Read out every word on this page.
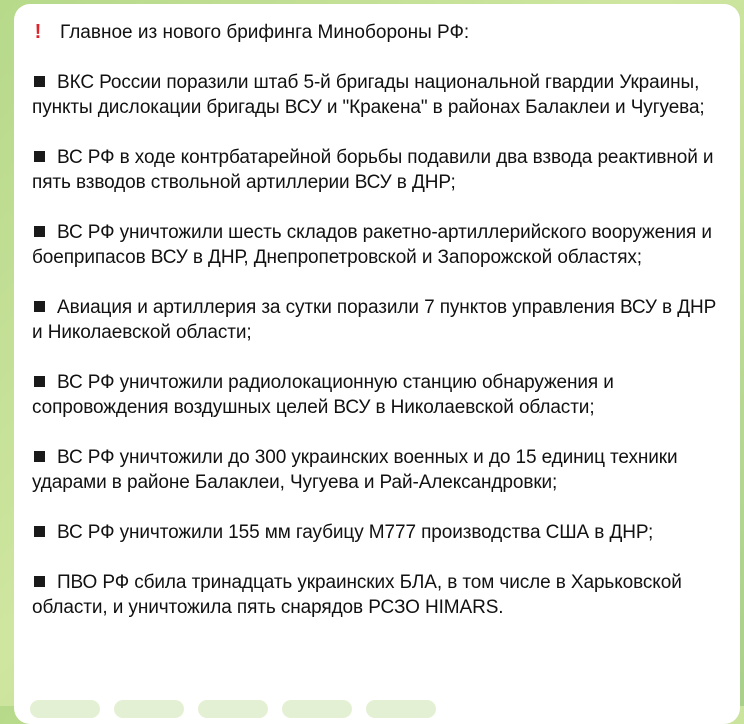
! Главное из нового брифинга Минобороны РФ:
ВКС России поразили штаб 5-й бригады национальной гвардии Украины, пункты дислокации бригады ВСУ и "Кракена" в районах Балаклеи и Чугуева;
ВС РФ в ходе контрбатарейной борьбы подавили два взвода реактивной и пять взводов ствольной артиллерии ВСУ в ДНР;
ВС РФ уничтожили шесть складов ракетно-артиллерийского вооружения и боеприпасов ВСУ в ДНР, Днепропетровской и Запорожской областях;
Авиация и артиллерия за сутки поразили 7 пунктов управления ВСУ в ДНР и Николаевской области;
ВС РФ уничтожили радиолокационную станцию обнаружения и сопровождения воздушных целей ВСУ в Николаевской области;
ВС РФ уничтожили до 300 украинских военных и до 15 единиц техники ударами в районе Балаклеи, Чугуева и Рай-Александровки;
ВС РФ уничтожили 155 мм гаубицу М777 производства США в ДНР;
ПВО РФ сбила тринадцать украинских БЛА, в том числе в Харьковской области, и уничтожила пять снарядов РСЗО HIMARS.
